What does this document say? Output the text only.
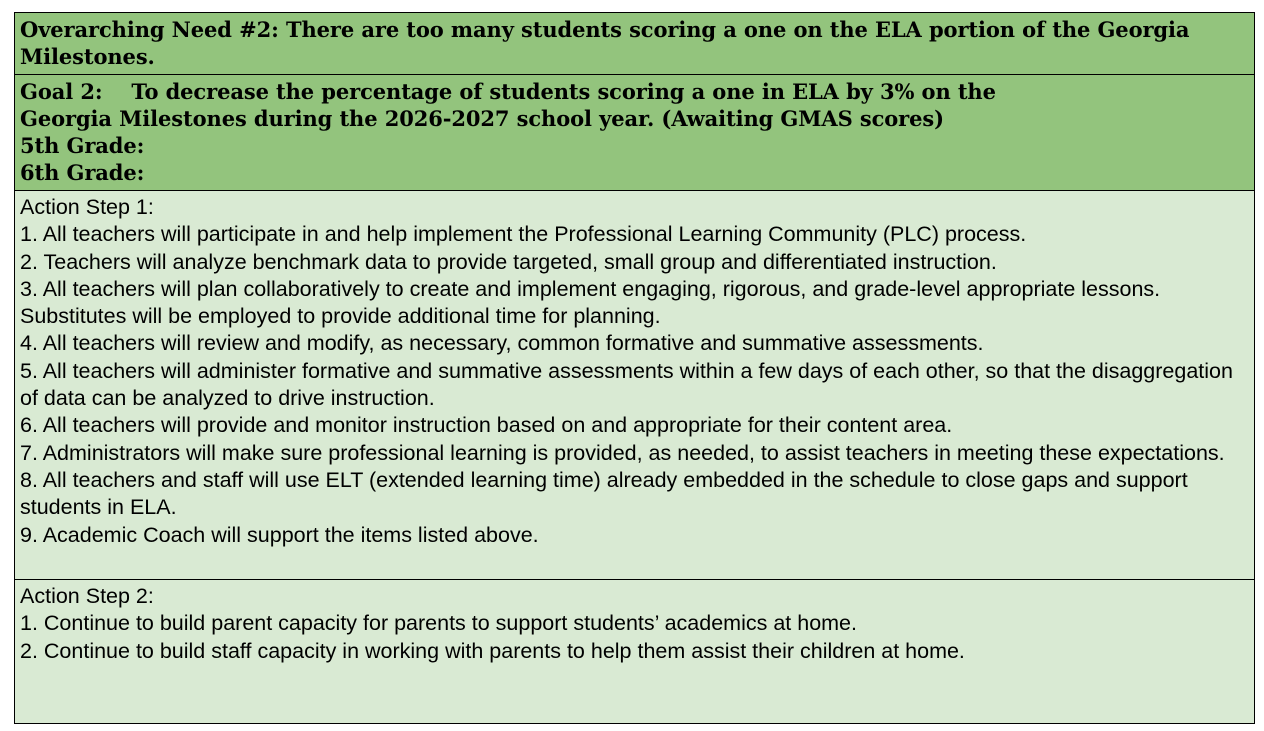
Overarching Need #2: There are too many students scoring a one on the ELA portion of the Georgia Milestones.
Goal 2:    To decrease the percentage of students scoring a one in ELA by 3% on the
Georgia Milestones during the 2026-2027 school year. (Awaiting GMAS scores)
5th Grade:
6th Grade:
Action Step 1:
1. All teachers will participate in and help implement the Professional Learning Community (PLC) process.
2. Teachers will analyze benchmark data to provide targeted, small group and differentiated instruction.
3. All teachers will plan collaboratively to create and implement engaging, rigorous, and grade-level appropriate lessons. Substitutes will be employed to provide additional time for planning.
4. All teachers will review and modify, as necessary, common formative and summative assessments.
5. All teachers will administer formative and summative assessments within a few days of each other, so that the disaggregation of data can be analyzed to drive instruction.
6. All teachers will provide and monitor instruction based on and appropriate for their content area.
7. Administrators will make sure professional learning is provided, as needed, to assist teachers in meeting these expectations.
8. All teachers and staff will use ELT (extended learning time) already embedded in the schedule to close gaps and support students in ELA.
9. Academic Coach will support the items listed above.
Action Step 2:
1. Continue to build parent capacity for parents to support students’ academics at home.
2. Continue to build staff capacity in working with parents to help them assist their children at home.
